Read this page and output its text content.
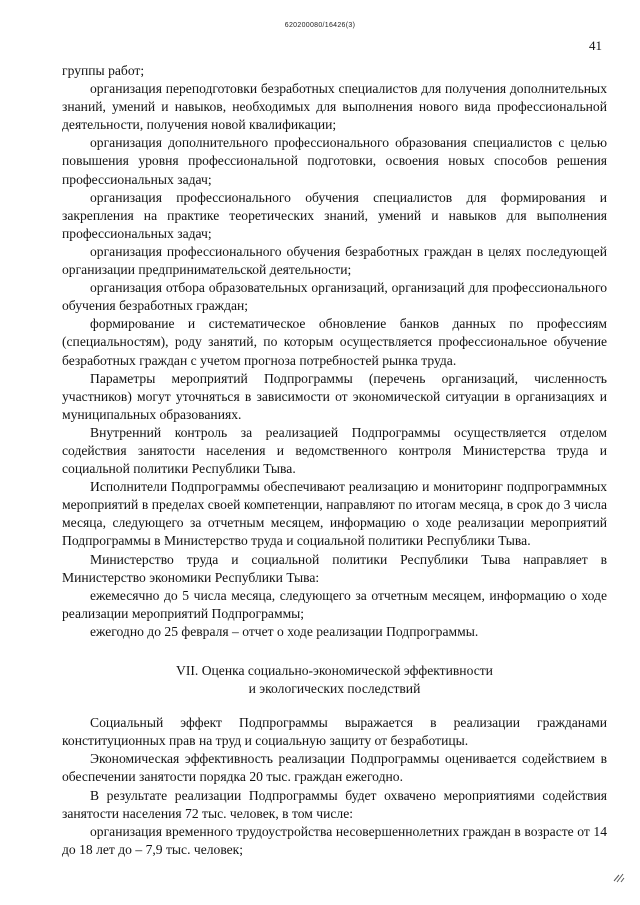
620200080/16426(3)
41

группы работ;

организация переподготовки безработных специалистов для получения дополнительных знаний, умений и навыков, необходимых для выполнения нового вида профессиональной деятельности, получения новой квалификации;

организация дополнительного профессионального образования специалистов с целью повышения уровня профессиональной подготовки, освоения новых способов решения профессиональных задач;

организация профессионального обучения специалистов для формирования и закрепления на практике теоретических знаний, умений и навыков для выполнения профессиональных задач;

организация профессионального обучения безработных граждан в целях последующей организации предпринимательской деятельности;

организация отбора образовательных организаций, организаций для профессионального обучения безработных граждан;

формирование и систематическое обновление банков данных по профессиям (специальностям), роду занятий, по которым осуществляется профессиональное обучение безработных граждан с учетом прогноза потребностей рынка труда.

Параметры мероприятий Подпрограммы (перечень организаций, численность участников) могут уточняться в зависимости от экономической ситуации в организациях и муниципальных образованиях.

Внутренний контроль за реализацией Подпрограммы осуществляется отделом содействия занятости населения и ведомственного контроля Министерства труда и социальной политики Республики Тыва.

Исполнители Подпрограммы обеспечивают реализацию и мониторинг подпрограммных мероприятий в пределах своей компетенции, направляют по итогам месяца, в срок до 3 числа месяца, следующего за отчетным месяцем, информацию о ходе реализации мероприятий Подпрограммы в Министерство труда и социальной политики Республики Тыва.

Министерство труда и социальной политики Республики Тыва направляет в Министерство экономики Республики Тыва:

ежемесячно до 5 числа месяца, следующего за отчетным месяцем, информацию о ходе реализации мероприятий Подпрограммы;

ежегодно до 25 февраля – отчет о ходе реализации Подпрограммы.

VII. Оценка социально-экономической эффективности
и экологических последствий

Социальный эффект Подпрограммы выражается в реализации гражданами конституционных прав на труд и социальную защиту от безработицы.

Экономическая эффективность реализации Подпрограммы оценивается содействием в обеспечении занятости порядка 20 тыс. граждан ежегодно.

В результате реализации Подпрограммы будет охвачено мероприятиями содействия занятости населения 72 тыс. человек, в том числе:

организация временного трудоустройства несовершеннолетних граждан в возрасте от 14 до 18 лет до – 7,9 тыс. человек;
